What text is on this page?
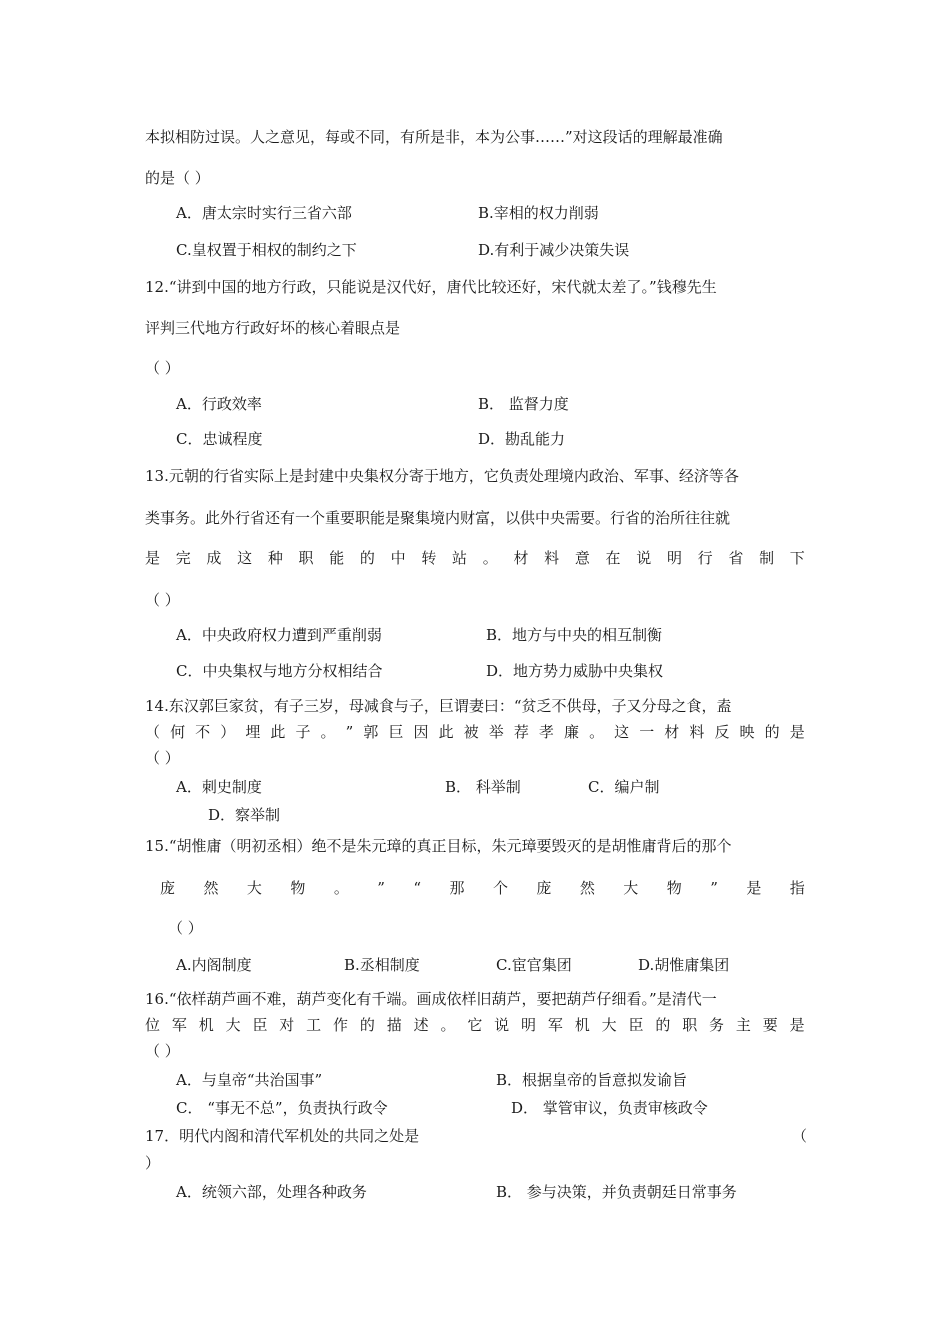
本拟相防过误。人之意见，每或不同，有所是非，本为公事……”对这段话的理解最准确
的是（ ）
A．唐太宗时实行三省六部	B.宰相的权力削弱
C.皇权置于相权的制约之下	D.有利于减少决策失误
12.“讲到中国的地方行政，只能说是汉代好，唐代比较还好，宋代就太差了。”钱穆先生
评判三代地方行政好坏的核心着眼点是
（ ）
A．行政效率	B． 监督力度
C．忠诚程度	D．勘乱能力
13.元朝的行省实际上是封建中央集权分寄于地方，它负责处理境内政治、军事、经济等各
类事务。此外行省还有一个重要职能是聚集境内财富，以供中央需要。行省的治所往往就
是 完 成 这 种 职 能 的 中 转 站 。 材 料 意 在 说 明 行 省 制 下
（ ）
A．中央政府权力遭到严重削弱	B．地方与中央的相互制衡
C．中央集权与地方分权相结合	D．地方势力威胁中央集权
14.东汉郭巨家贫，有子三岁，母减食与子，巨谓妻曰：“贫乏不供母，子又分母之食，盍
（ 何 不 ） 埋 此 子 。 ” 郭 巨 因 此 被 举 荐 孝 廉 。 这 一 材 料 反 映 的 是
（ ）
A．刺史制度	B． 科举制	C．编户制
D．察举制
15.“胡惟庸（明初丞相）绝不是朱元璋的真正目标，朱元璋要毁灭的是胡惟庸背后的那个
庞 然 大 物 。 ” “ 那 个 庞 然 大 物 ” 是 指
（ ）
A.内阁制度	B.丞相制度	C.宦官集团	D.胡惟庸集团
16.“依样葫芦画不难，葫芦变化有千端。画成依样旧葫芦，要把葫芦仔细看。”是清代一
位 军 机 大 臣 对 工 作 的 描 述 。 它 说 明 军 机 大 臣 的 职 务 主 要 是
（ ）
A．与皇帝“共治国事”	B．根据皇帝的旨意拟发谕旨
C． “事无不总”，负责执行政令	D． 掌管审议，负责审核政令
17．明代内阁和清代军机处的共同之处是	（
）
A．统领六部，处理各种政务	B． 参与决策，并负责朝廷日常事务
